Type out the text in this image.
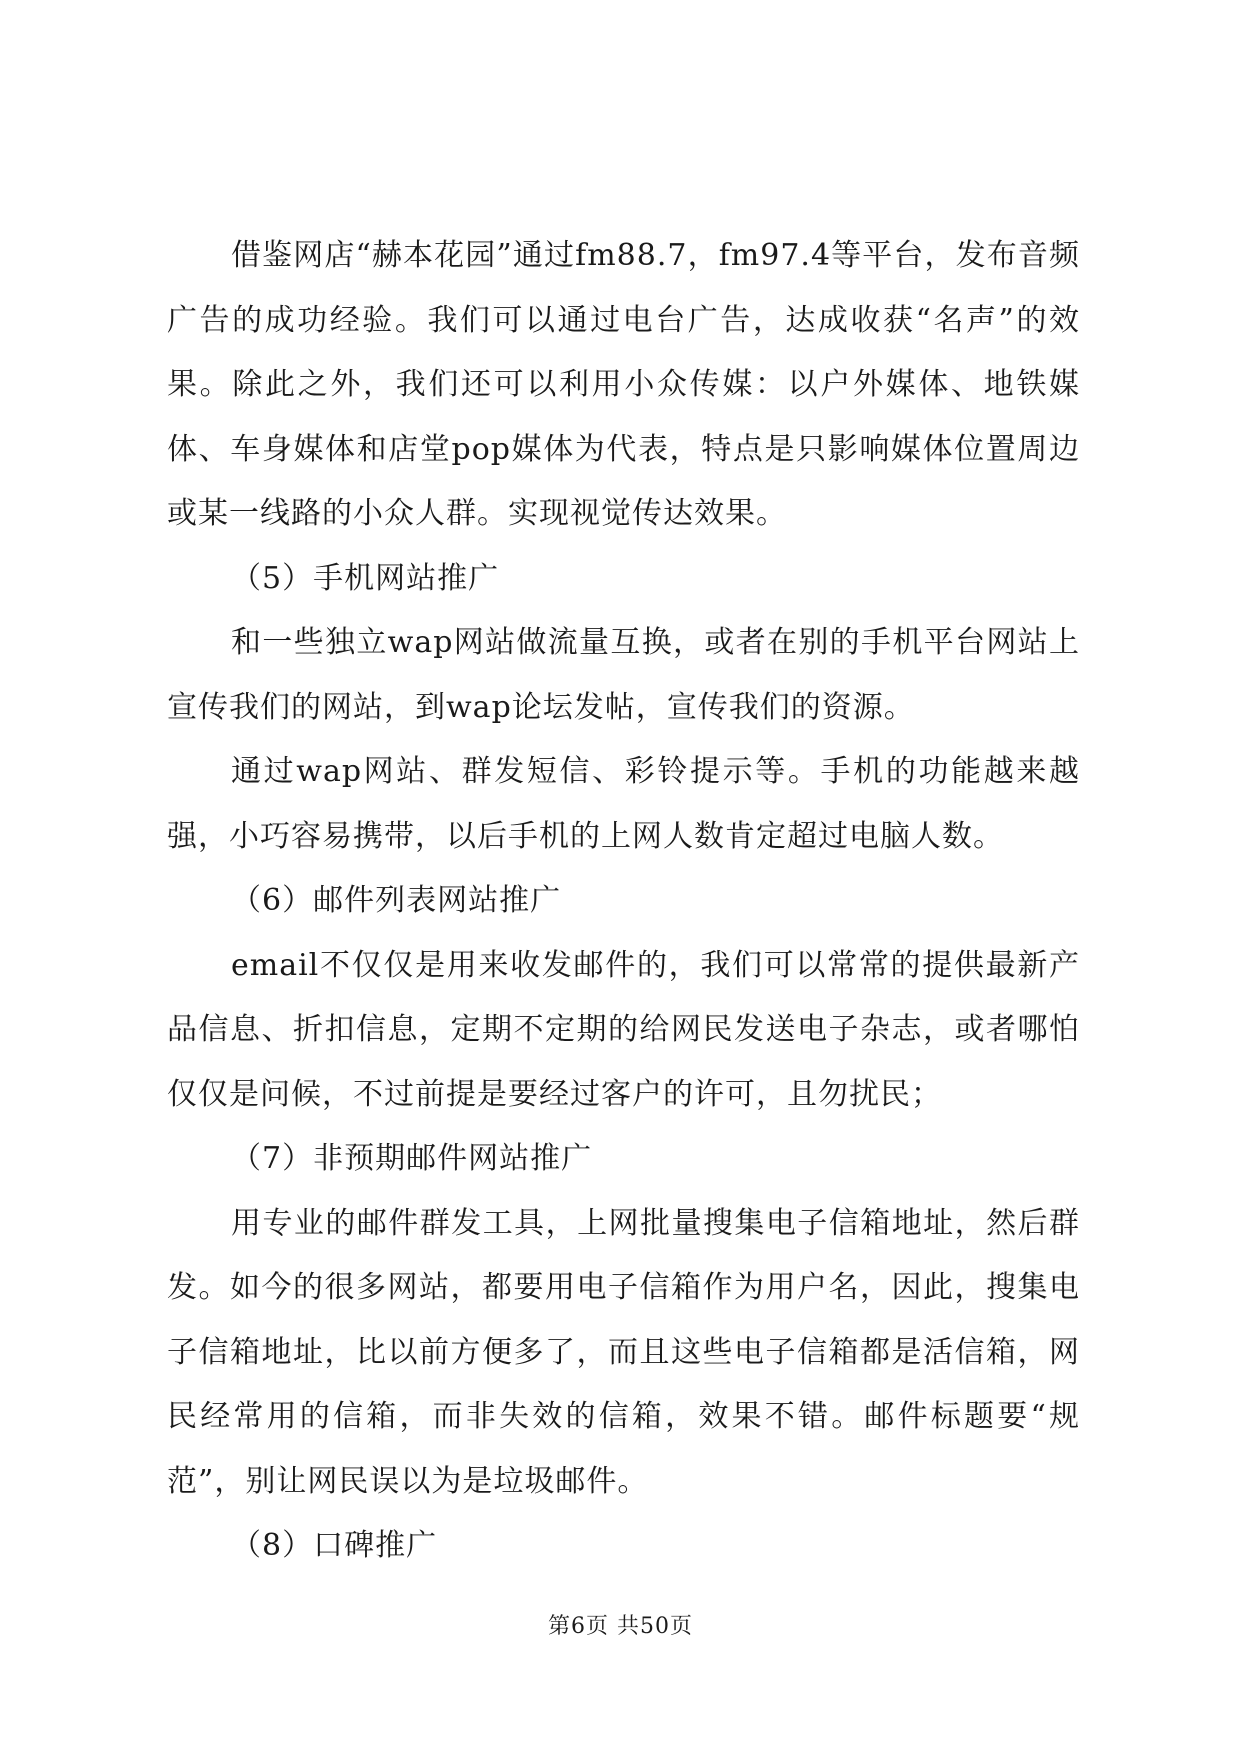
借鉴网店“赫本花园”通过fm88.7，fm97.4等平台，发布音频广告的成功经验。我们可以通过电台广告，达成收获“名声”的效果。除此之外，我们还可以利用小众传媒：以户外媒体、地铁媒体、车身媒体和店堂pop媒体为代表，特点是只影响媒体位置周边或某一线路的小众人群。实现视觉传达效果。

（5）手机网站推广

和一些独立wap网站做流量互换，或者在别的手机平台网站上宣传我们的网站，到wap论坛发帖，宣传我们的资源。

通过wap网站、群发短信、彩铃提示等。手机的功能越来越强，小巧容易携带，以后手机的上网人数肯定超过电脑人数。

（6）邮件列表网站推广

email不仅仅是用来收发邮件的，我们可以常常的提供最新产品信息、折扣信息，定期不定期的给网民发送电子杂志，或者哪怕仅仅是问候，不过前提是要经过客户的许可，且勿扰民；

（7）非预期邮件网站推广

用专业的邮件群发工具，上网批量搜集电子信箱地址，然后群发。如今的很多网站，都要用电子信箱作为用户名，因此，搜集电子信箱地址，比以前方便多了，而且这些电子信箱都是活信箱，网民经常用的信箱，而非失效的信箱，效果不错。邮件标题要“规范”，别让网民误以为是垃圾邮件。

（8）口碑推广

第6页 共50页
